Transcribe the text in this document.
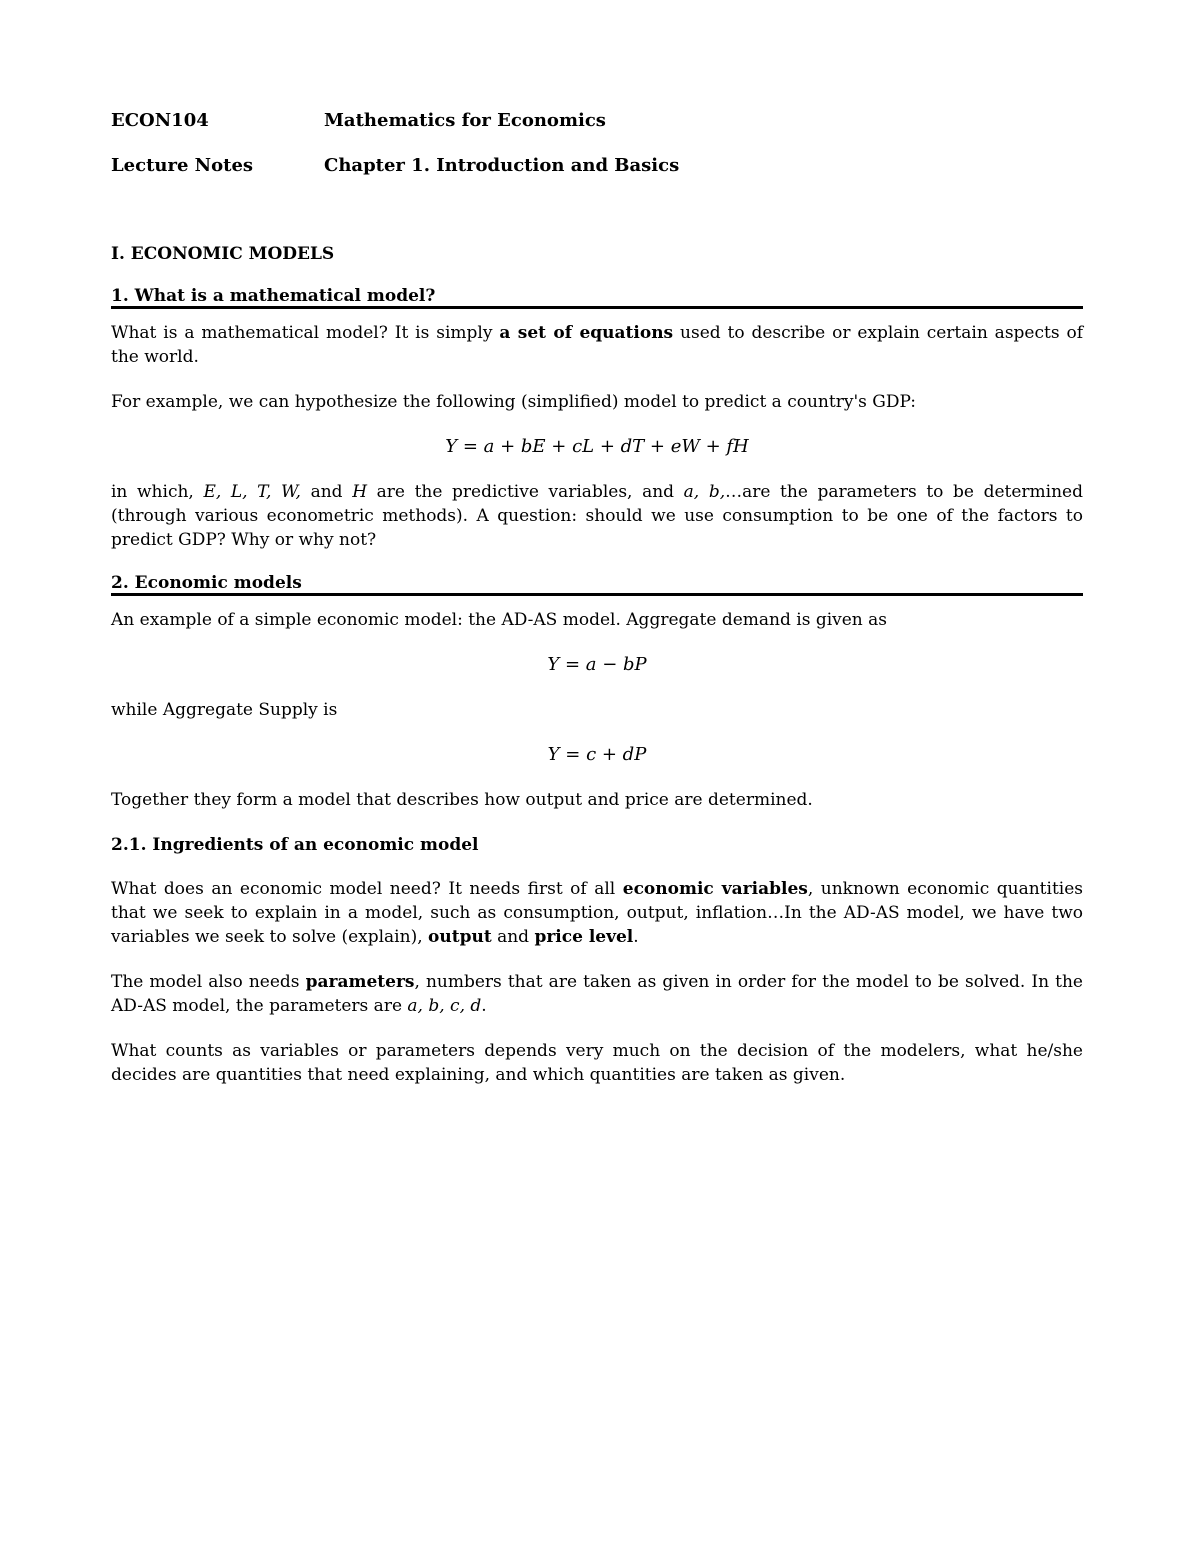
ECON104	Mathematics for Economics
Lecture Notes	Chapter 1. Introduction and Basics
I. ECONOMIC MODELS
1. What is a mathematical model?

What is a mathematical model? It is simply a set of equations used to describe or explain certain aspects of the world.

For example, we can hypothesize the following (simplified) model to predict a country's GDP:

Y = a + bE + cL + dT + eW + fH

in which, E, L, T, W, and H are the predictive variables, and a, b,…are the parameters to be determined (through various econometric methods). A question: should we use consumption to be one of the factors to predict GDP? Why or why not?

2. Economic models

An example of a simple economic model: the AD-AS model. Aggregate demand is given as

Y = a − bP

while Aggregate Supply is

Y = c + dP

Together they form a model that describes how output and price are determined.

2.1. Ingredients of an economic model

What does an economic model need? It needs first of all economic variables, unknown economic quantities that we seek to explain in a model, such as consumption, output, inflation…In the AD-AS model, we have two variables we seek to solve (explain), output and price level.

The model also needs parameters, numbers that are taken as given in order for the model to be solved. In the AD-AS model, the parameters are a, b, c, d.

What counts as variables or parameters depends very much on the decision of the modelers, what he/she decides are quantities that need explaining, and which quantities are taken as given.
